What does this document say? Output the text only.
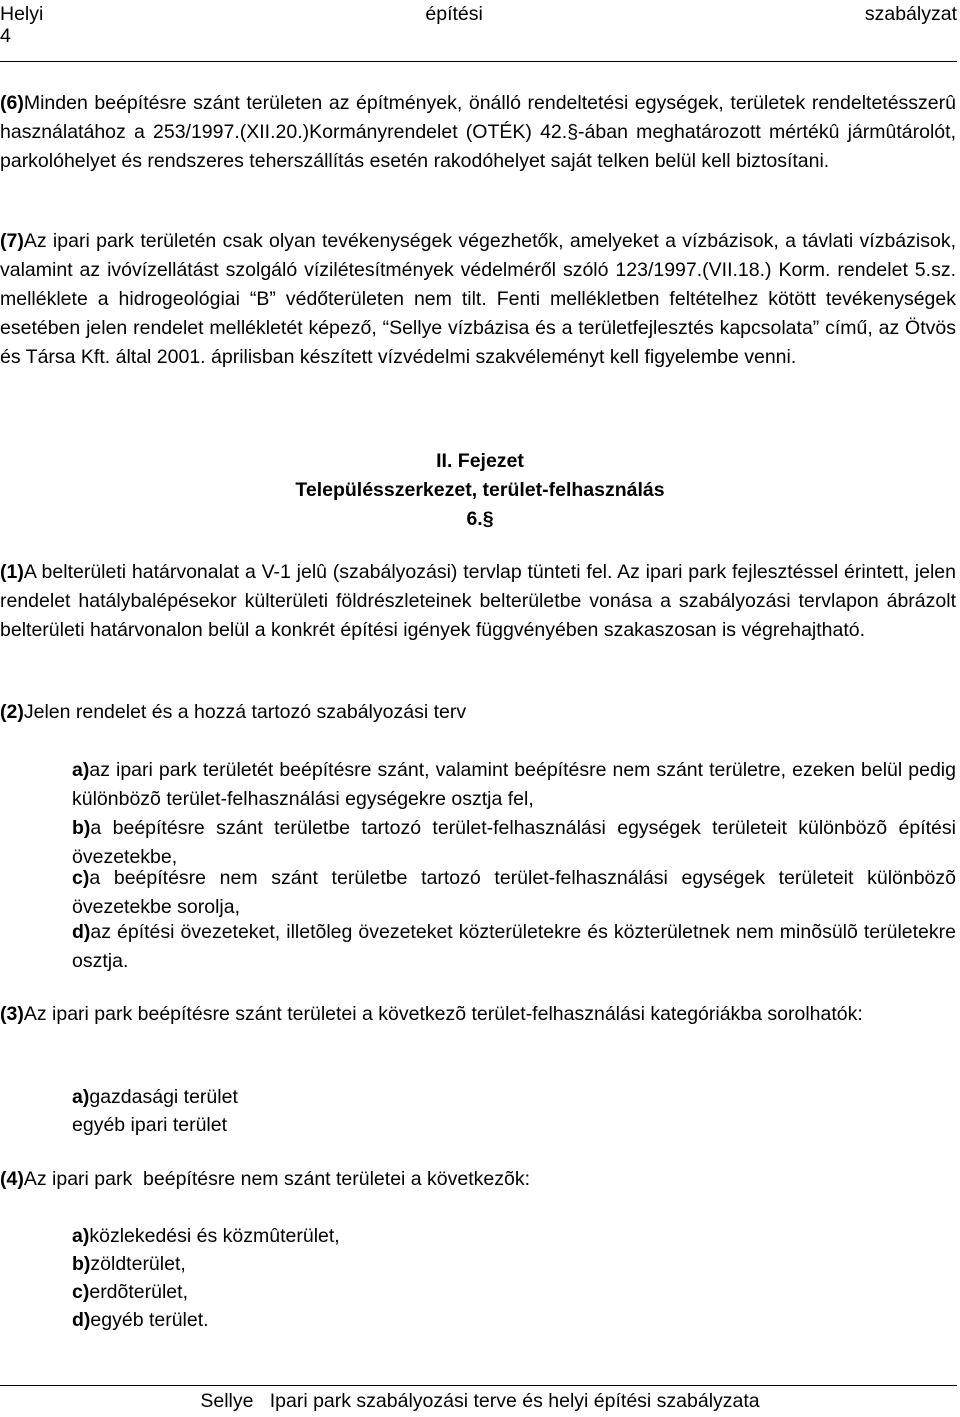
Helyi	építési	szabályzat
4
(6)Minden beépítésre szánt területen az építmények, önálló rendeltetési egységek, területek rendeltetésszerû használatához a 253/1997.(XII.20.)Kormányrendelet (OTÉK) 42.§-ában meghatározott mértékû jármûtárolót, parkolóhelyet és rendszeres teherszállítás esetén rakodóhelyet saját telken belül kell biztosítani.
(7)Az ipari park területén csak olyan tevékenységek végezhetők, amelyeket a vízbázisok, a távlati vízbázisok, valamint az ivóvízellátást szolgáló vízilétesítmények védelméről szóló 123/1997.(VII.18.) Korm. rendelet 5.sz. melléklete a hidrogeológiai “B” védőterületen nem tilt. Fenti mellékletben feltételhez kötött tevékenységek esetében jelen rendelet mellékletét képező, “Sellye vízbázisa és a területfejlesztés kapcsolata” című, az Ötvös és Társa Kft. által 2001. áprilisban készített vízvédelmi szakvéleményt kell figyelembe venni.
II. Fejezet
Településszerkezet, terület-felhasználás
6.§
(1)A belterületi határvonalat a V-1 jelû (szabályozási) tervlap tünteti fel. Az ipari park fejlesztéssel érintett, jelen rendelet hatálybalépésekor külterületi földrészleteinek belterületbe vonása a szabályozási tervlapon ábrázolt belterületi határvonalon belül a konkrét építési igények függvényében szakaszosan is végrehajtható.
(2)Jelen rendelet és a hozzá tartozó szabályozási terv
a)az ipari park területét beépítésre szánt, valamint beépítésre nem szánt területre, ezeken belül pedig különbözõ terület-felhasználási egységekre osztja fel,
b)a beépítésre szánt területbe tartozó terület-felhasználási egységek területeit különbözõ építési övezetekbe,
c)a beépítésre nem szánt területbe tartozó terület-felhasználási egységek területeit különbözõ övezetekbe sorolja,
d)az építési övezeteket, illetõleg övezeteket közterületekre és közterületnek nem minõsülõ területekre osztja.
(3)Az ipari park beépítésre szánt területei a következõ terület-felhasználási kategóriákba sorolhatók:
a)gazdasági terület
egyéb ipari terület
(4)Az ipari park  beépítésre nem szánt területei a következõk:
a)közlekedési és közmûterület,
b)zöldterület,
c)erdõterület,
d)egyéb terület.
Sellye   Ipari park szabályozási terve és helyi építési szabályzata
